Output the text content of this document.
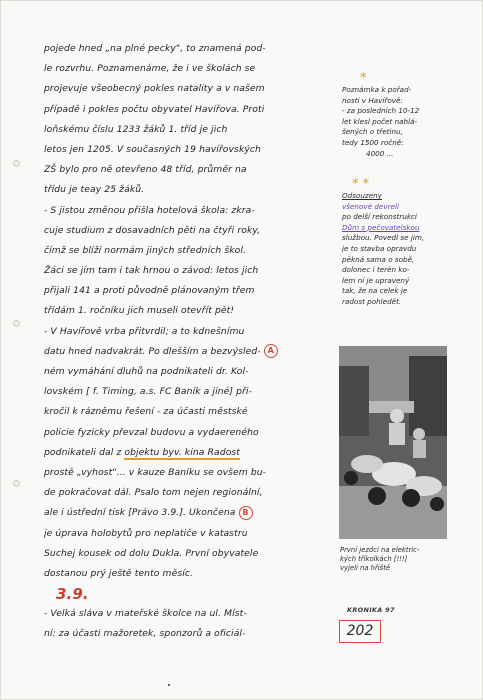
pojede hned „na plné pecky", to znamená pod-
le rozvrhu. Poznamenáme, že i ve školách se
projevuje všeobecný pokles natality a v našem
případě i pokles počtu obyvatel Havířova. Proti
loňskému číslu 1233 žáků 1. tříd je jich
letos jen 1205. V současných 19 havířovských
ZŠ bylo pro ně otevřeno 48 tříd, průměr na
třídu je teay 25 žáků.
- S jistou změnou přišla hotelová škola: zkra-
cuje studium z dosavadních pěti na čtyři roky,
čímž se blíží normám jiných středních škol.
Žáci se jím tam i tak hrnou o závod: letos jich
přijali 141 a proti původně plánovaným třem
třídám 1. ročníku jich museli otevřít pět!
- V Havířově vrba přitvrdil; a to kdnešnímu
datu hned nadvakrát. Po dlešším a bezvýsled- A
ném vymáhání dluhů na podnikateli dr. Kol-
lovském [ f. Timing, a.s. FC Baník a jiné] při-
kročil k rázněmu řešení - za účasti městské
policie fyzicky převzal budovu a vydaereného
podnikateli dal z objektu byv. kina Radost
prostě „vyhost"... v kauze Baníku se ovšem bu-
de pokračovat dál. Psalo tom nejen regionální,
ale i ústřední tisk [Právo 3.9.]. Ukončena B
je úprava holobytů pro neplatiče v katastru
Suchej kousek od dolu Dukla. První obyvatele
dostanou prý ještě tento měsíc.
3.9.
- Velká sláva v mateřské školce na ul. Míst-
ní: za účasti mažoretek, sponzorů a oficiál-
*
Poznámka k pořad-
nosti v Havířově:
- za posledních 10-12
let klesl počet nahlá-
šených o třetinu,
tedy 1500 ročně:
4000 ...
* *
Odsouzeny
všenové devreli
po delší rekonstrukci
Dům s pečovatelskou
službou. Povedl se jim,
je to stavba opravdu
pěkná sama o sobě,
dolonec i terén ko-
lem ní je upravený
tak, že na celek je
radost pohledět.
První jezdci na elektric-
kých tříkolkách [!!!]
vyjeli na hřiště
KRONIKA 97
202
